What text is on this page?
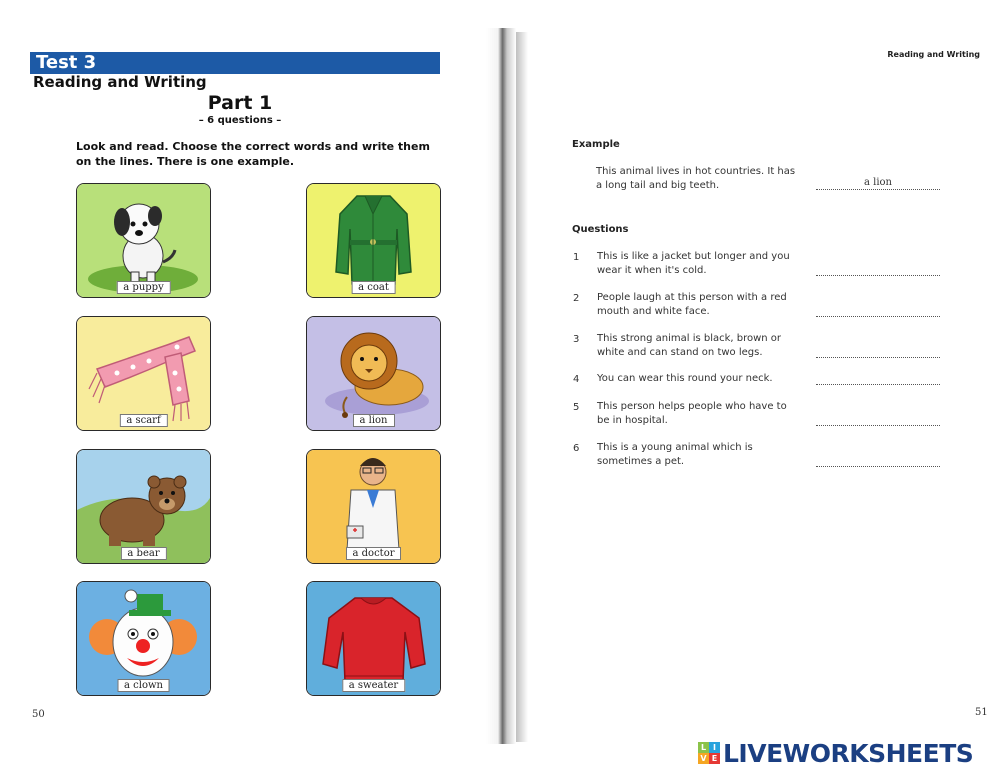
Test 3
Reading and Writing
Part 1
– 6 questions –
Look and read. Choose the correct words and write them on the lines. There is one example.
a puppy	a coat
a scarf	a lion
a bear	a doctor
a clown	a sweater
50
Reading and Writing
Example
This animal lives in hot countries. It has a long tail and big teeth.	a lion
Questions
1 This is like a jacket but longer and you wear it when it's cold.
2 People laugh at this person with a red mouth and white face.
3 This strong animal is black, brown or white and can stand on two legs.
4 You can wear this round your neck.
5 This person helps people who have to be in hospital.
6 This is a young animal which is sometimes a pet.
51
L I
V E LIVEWORKSHEETS
